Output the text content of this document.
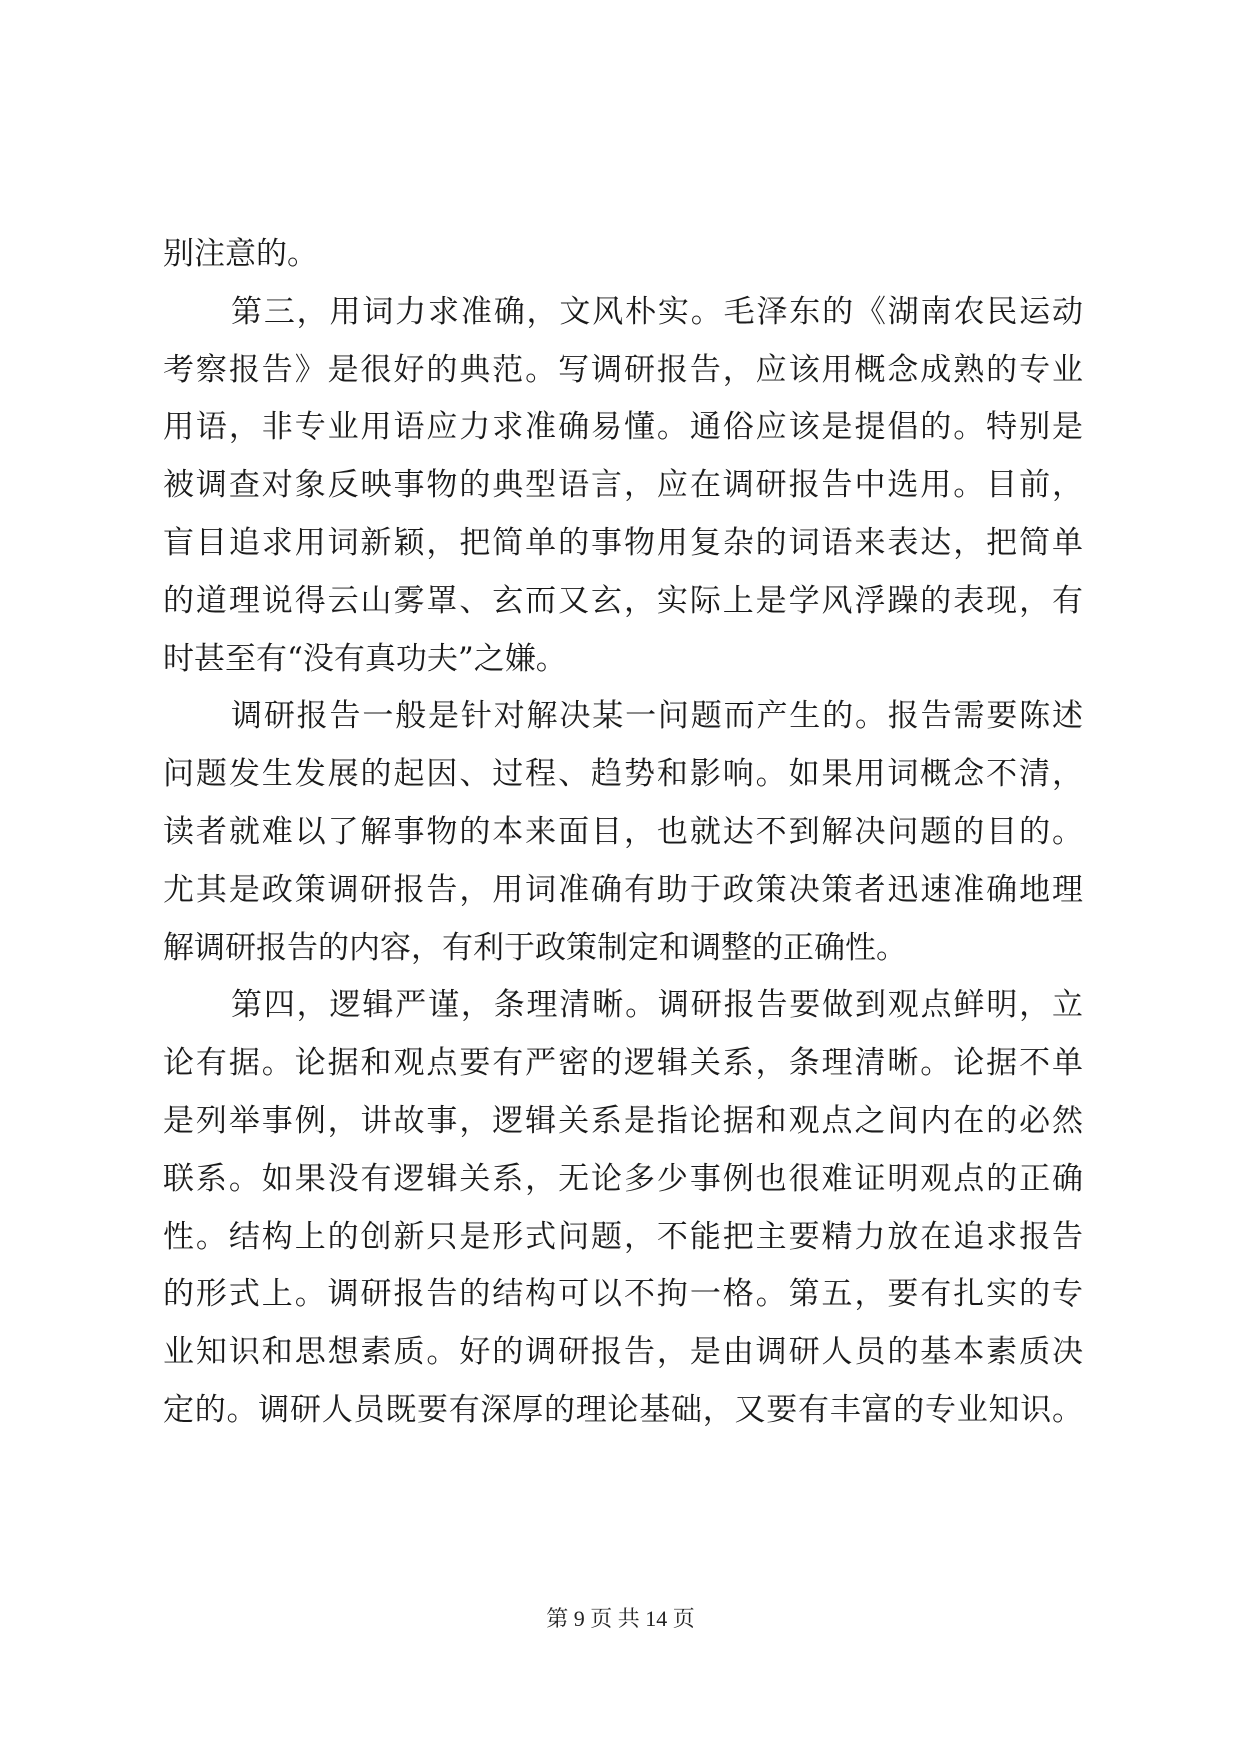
别注意的。
第三，用词力求准确，文风朴实。毛泽东的《湖南农民运动
考察报告》是很好的典范。写调研报告，应该用概念成熟的专业
用语，非专业用语应力求准确易懂。通俗应该是提倡的。特别是
被调查对象反映事物的典型语言，应在调研报告中选用。目前，
盲目追求用词新颖，把简单的事物用复杂的词语来表达，把简单
的道理说得云山雾罩、玄而又玄，实际上是学风浮躁的表现，有
时甚至有“没有真功夫”之嫌。
调研报告一般是针对解决某一问题而产生的。报告需要陈述
问题发生发展的起因、过程、趋势和影响。如果用词概念不清，
读者就难以了解事物的本来面目，也就达不到解决问题的目的。
尤其是政策调研报告，用词准确有助于政策决策者迅速准确地理
解调研报告的内容，有利于政策制定和调整的正确性。
第四，逻辑严谨，条理清晰。调研报告要做到观点鲜明，立
论有据。论据和观点要有严密的逻辑关系，条理清晰。论据不单
是列举事例，讲故事，逻辑关系是指论据和观点之间内在的必然
联系。如果没有逻辑关系，无论多少事例也很难证明观点的正确
性。结构上的创新只是形式问题，不能把主要精力放在追求报告
的形式上。调研报告的结构可以不拘一格。第五，要有扎实的专
业知识和思想素质。好的调研报告，是由调研人员的基本素质决
定的。调研人员既要有深厚的理论基础，又要有丰富的专业知识。
第 9 页 共 14 页
